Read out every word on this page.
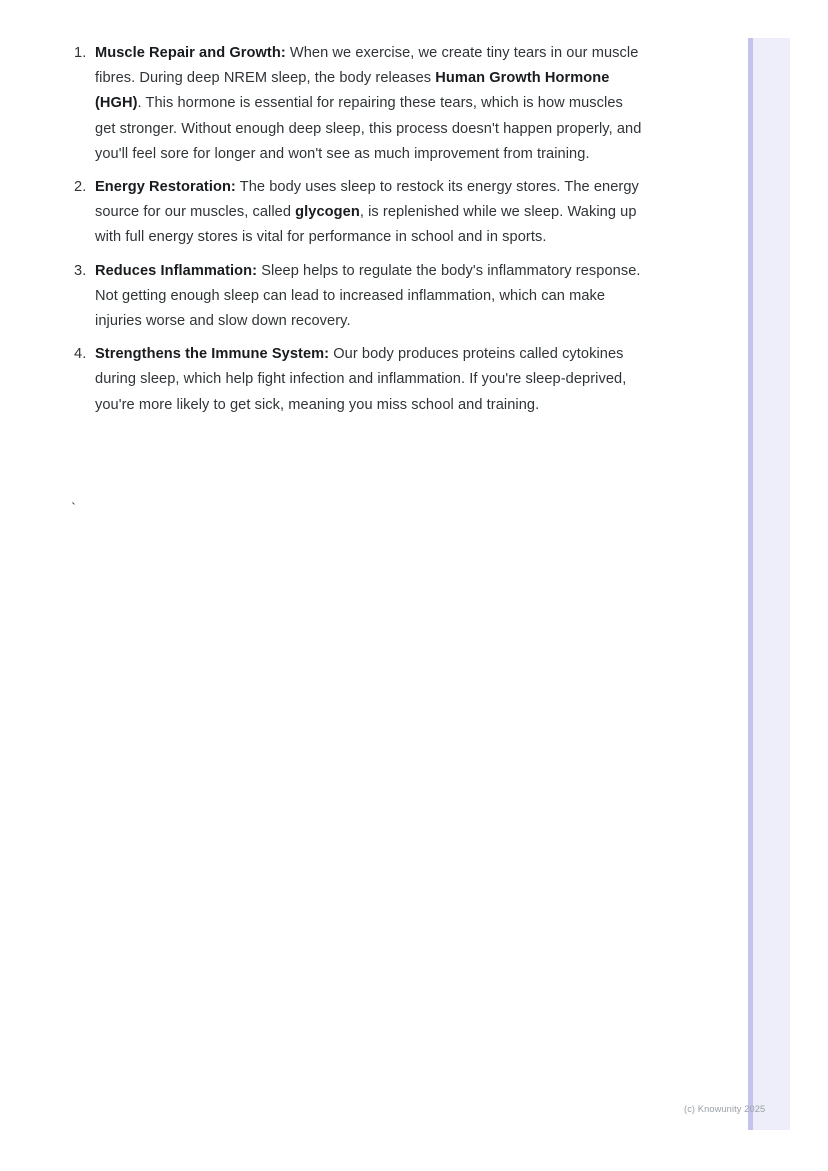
Muscle Repair and Growth: When we exercise, we create tiny tears in our muscle fibres. During deep NREM sleep, the body releases Human Growth Hormone (HGH). This hormone is essential for repairing these tears, which is how muscles get stronger. Without enough deep sleep, this process doesn't happen properly, and you'll feel sore for longer and won't see as much improvement from training.
Energy Restoration: The body uses sleep to restock its energy stores. The energy source for our muscles, called glycogen, is replenished while we sleep. Waking up with full energy stores is vital for performance in school and in sports.
Reduces Inflammation: Sleep helps to regulate the body's inflammatory response. Not getting enough sleep can lead to increased inflammation, which can make injuries worse and slow down recovery.
Strengthens the Immune System: Our body produces proteins called cytokines during sleep, which help fight infection and inflammation. If you're sleep-deprived, you're more likely to get sick, meaning you miss school and training.
`
(c) Knowunity 2025
